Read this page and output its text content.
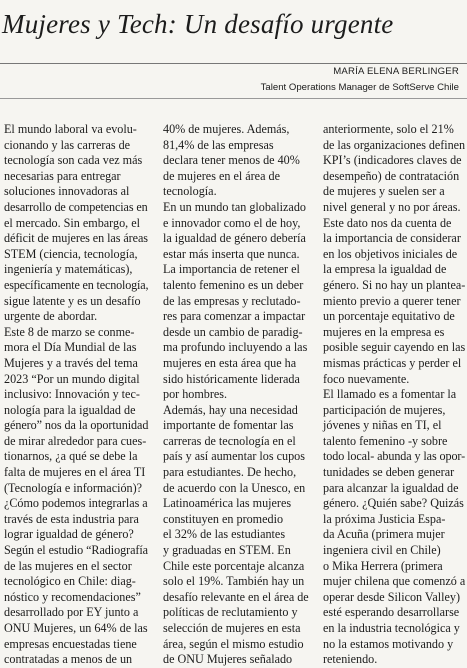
Mujeres y Tech: Un desafío urgente
MARÍA ELENA BERLINGER
Talent Operations Manager de SoftServe Chile
El mundo laboral va evolu-
cionando y las carreras de
tecnología son cada vez más
necesarias para entregar
soluciones innovadoras al
desarrollo de competencias en
el mercado. Sin embargo, el
déficit de mujeres en las áreas
STEM (ciencia, tecnología,
ingeniería y matemáticas),
específicamente en tecnología,
sigue latente y es un desafío
urgente de abordar.
Este 8 de marzo se conme-
mora el Día Mundial de las
Mujeres y a través del tema
2023 “Por un mundo digital
inclusivo: Innovación y tec-
nología para la igualdad de
género” nos da la oportunidad
de mirar alrededor para cues-
tionarnos, ¿a qué se debe la
falta de mujeres en el área TI
(Tecnología e información)?
¿Cómo podemos integrarlas a
través de esta industria para
lograr igualdad de género?
Según el estudio “Radiografía
de las mujeres en el sector
tecnológico en Chile: diag-
nóstico y recomendaciones”
desarrollado por EY junto a
ONU Mujeres, un 64% de las
empresas encuestadas tiene
contratadas a menos de un
40% de mujeres. Además,
81,4% de las empresas
declara tener menos de 40%
de mujeres en el área de
tecnología.
En un mundo tan globalizado
e innovador como el de hoy,
la igualdad de género debería
estar más inserta que nunca.
La importancia de retener el
talento femenino es un deber
de las empresas y reclutado-
res para comenzar a impactar
desde un cambio de paradig-
ma profundo incluyendo a las
mujeres en esta área que ha
sido históricamente liderada
por hombres.
Además, hay una necesidad
importante de fomentar las
carreras de tecnología en el
país y así aumentar los cupos
para estudiantes. De hecho,
de acuerdo con la Unesco, en
Latinoamérica las mujeres
constituyen en promedio
el 32% de las estudiantes
y graduadas en STEM. En
Chile este porcentaje alcanza
solo el 19%. También hay un
desafío relevante en el área de
políticas de reclutamiento y
selección de mujeres en esta
área, según el mismo estudio
de ONU Mujeres señalado
anteriormente, solo el 21%
de las organizaciones definen
KPI’s (indicadores claves de
desempeño) de contratación
de mujeres y suelen ser a
nivel general y no por áreas.
Este dato nos da cuenta de
la importancia de considerar
en los objetivos iniciales de
la empresa la igualdad de
género. Si no hay un plantea-
miento previo a querer tener
un porcentaje equitativo de
mujeres en la empresa es
posible seguir cayendo en las
mismas prácticas y perder el
foco nuevamente.
El llamado es a fomentar la
participación de mujeres,
jóvenes y niñas en TI, el
talento femenino -y sobre
todo local- abunda y las opor-
tunidades se deben generar
para alcanzar la igualdad de
género. ¿Quién sabe? Quizás
la próxima Justicia Espa-
da Acuña (primera mujer
ingeniera civil en Chile)
o Mika Herrera (primera
mujer chilena que comenzó a
operar desde Silicon Valley)
esté esperando desarrollarse
en la industria tecnológica y
no la estamos motivando y
reteniendo.
